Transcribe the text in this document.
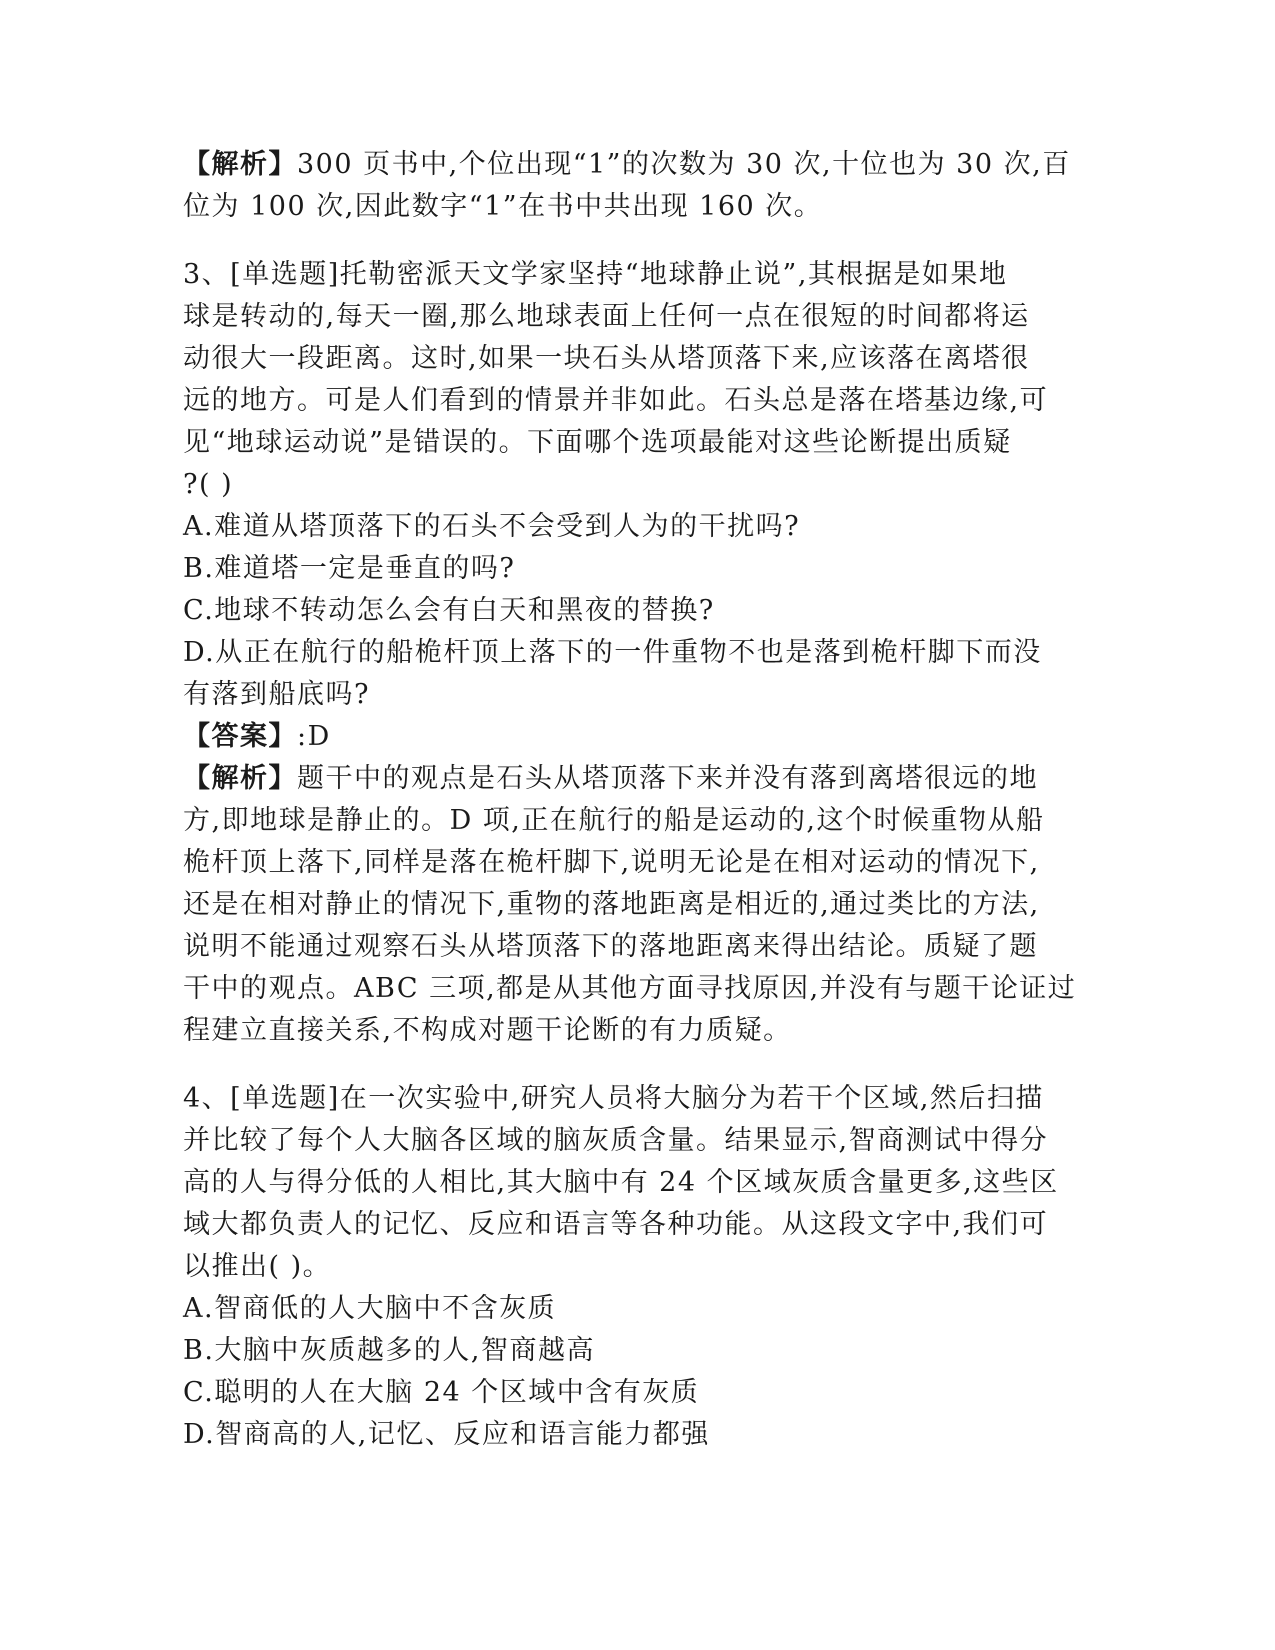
【解析】300 页书中,个位出现“1”的次数为 30 次,十位也为 30 次,百
位为 100 次,因此数字“1”在书中共出现 160 次。
3、[单选题]托勒密派天文学家坚持“地球静止说”,其根据是如果地
球是转动的,每天一圈,那么地球表面上任何一点在很短的时间都将运
动很大一段距离。这时,如果一块石头从塔顶落下来,应该落在离塔很
远的地方。可是人们看到的情景并非如此。石头总是落在塔基边缘,可
见“地球运动说”是错误的。下面哪个选项最能对这些论断提出质疑
?( )
A.难道从塔顶落下的石头不会受到人为的干扰吗?
B.难道塔一定是垂直的吗?
C.地球不转动怎么会有白天和黑夜的替换?
D.从正在航行的船桅杆顶上落下的一件重物不也是落到桅杆脚下而没
有落到船底吗?
【答案】:D
【解析】题干中的观点是石头从塔顶落下来并没有落到离塔很远的地
方,即地球是静止的。D 项,正在航行的船是运动的,这个时候重物从船
桅杆顶上落下,同样是落在桅杆脚下,说明无论是在相对运动的情况下,
还是在相对静止的情况下,重物的落地距离是相近的,通过类比的方法,
说明不能通过观察石头从塔顶落下的落地距离来得出结论。质疑了题
干中的观点。ABC 三项,都是从其他方面寻找原因,并没有与题干论证过
程建立直接关系,不构成对题干论断的有力质疑。
4、[单选题]在一次实验中,研究人员将大脑分为若干个区域,然后扫描
并比较了每个人大脑各区域的脑灰质含量。结果显示,智商测试中得分
高的人与得分低的人相比,其大脑中有 24 个区域灰质含量更多,这些区
域大都负责人的记忆、反应和语言等各种功能。从这段文字中,我们可
以推出( )。
A.智商低的人大脑中不含灰质
B.大脑中灰质越多的人,智商越高
C.聪明的人在大脑 24 个区域中含有灰质
D.智商高的人,记忆、反应和语言能力都强
